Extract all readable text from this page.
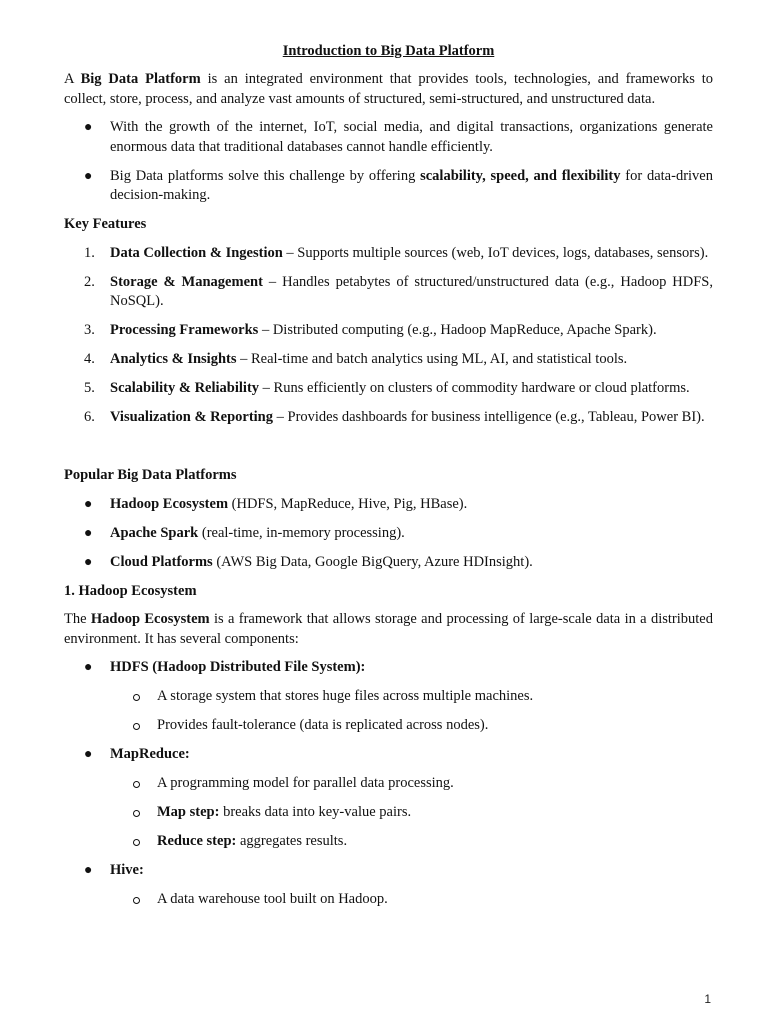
Introduction to Big Data Platform

A Big Data Platform is an integrated environment that provides tools, technologies, and frameworks to collect, store, process, and analyze vast amounts of structured, semi-structured, and unstructured data.

● With the growth of the internet, IoT, social media, and digital transactions, organizations generate enormous data that traditional databases cannot handle efficiently.
● Big Data platforms solve this challenge by offering scalability, speed, and flexibility for data-driven decision-making.
Key Features
1. Data Collection & Ingestion – Supports multiple sources (web, IoT devices, logs, databases, sensors).
2. Storage & Management – Handles petabytes of structured/unstructured data (e.g., Hadoop HDFS, NoSQL).
3. Processing Frameworks – Distributed computing (e.g., Hadoop MapReduce, Apache Spark).
4. Analytics & Insights – Real-time and batch analytics using ML, AI, and statistical tools.
5. Scalability & Reliability – Runs efficiently on clusters of commodity hardware or cloud platforms.
6. Visualization & Reporting – Provides dashboards for business intelligence (e.g., Tableau, Power BI).
Popular Big Data Platforms
● Hadoop Ecosystem (HDFS, MapReduce, Hive, Pig, HBase).
● Apache Spark (real-time, in-memory processing).
● Cloud Platforms (AWS Big Data, Google BigQuery, Azure HDInsight).
1. Hadoop Ecosystem

The Hadoop Ecosystem is a framework that allows storage and processing of large-scale data in a distributed environment. It has several components:

● HDFS (Hadoop Distributed File System):
A storage system that stores huge files across multiple machines.
Provides fault-tolerance (data is replicated across nodes).
● MapReduce:
A programming model for parallel data processing.
Map step: breaks data into key-value pairs.
Reduce step: aggregates results.
● Hive:
A data warehouse tool built on Hadoop.
1
